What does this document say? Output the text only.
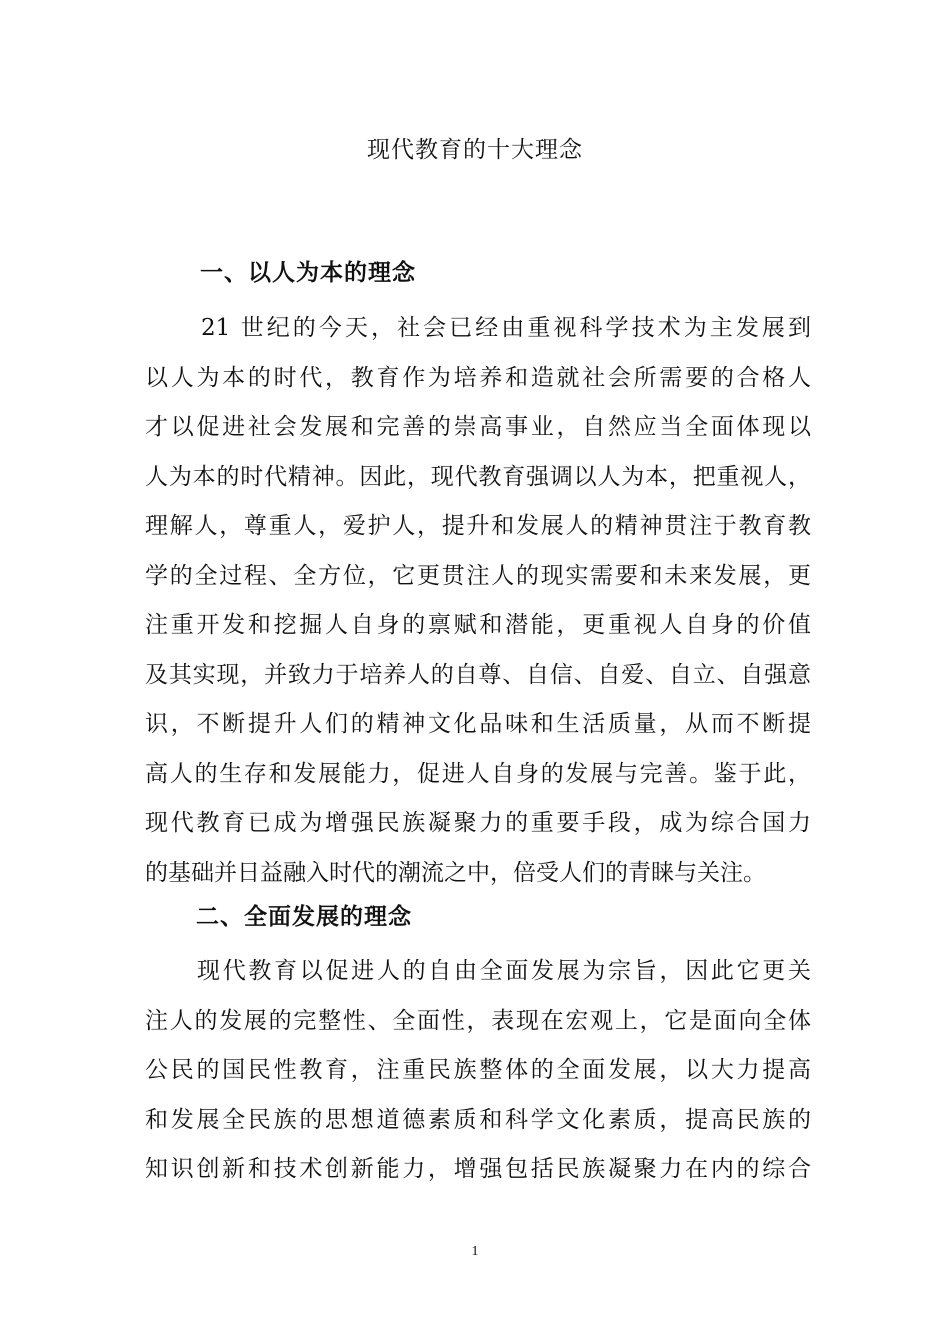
现代教育的十大理念
一、以人为本的理念
21 世纪的今天，社会已经由重视科学技术为主发展到
以人为本的时代，教育作为培养和造就社会所需要的合格人
才以促进社会发展和完善的崇高事业，自然应当全面体现以
人为本的时代精神。因此，现代教育强调以人为本，把重视人，
理解人，尊重人，爱护人，提升和发展人的精神贯注于教育教
学的全过程、全方位，它更贯注人的现实需要和未来发展，更
注重开发和挖掘人自身的禀赋和潜能，更重视人自身的价值
及其实现，并致力于培养人的自尊、自信、自爱、自立、自强意
识，不断提升人们的精神文化品味和生活质量，从而不断提
高人的生存和发展能力，促进人自身的发展与完善。鉴于此，
现代教育已成为增强民族凝聚力的重要手段，成为综合国力
的基础并日益融入时代的潮流之中，倍受人们的青睐与关注。
二、全面发展的理念
现代教育以促进人的自由全面发展为宗旨，因此它更关
注人的发展的完整性、全面性，表现在宏观上，它是面向全体
公民的国民性教育，注重民族整体的全面发展，以大力提高
和发展全民族的思想道德素质和科学文化素质，提高民族的
知识创新和技术创新能力，增强包括民族凝聚力在内的综合
1
